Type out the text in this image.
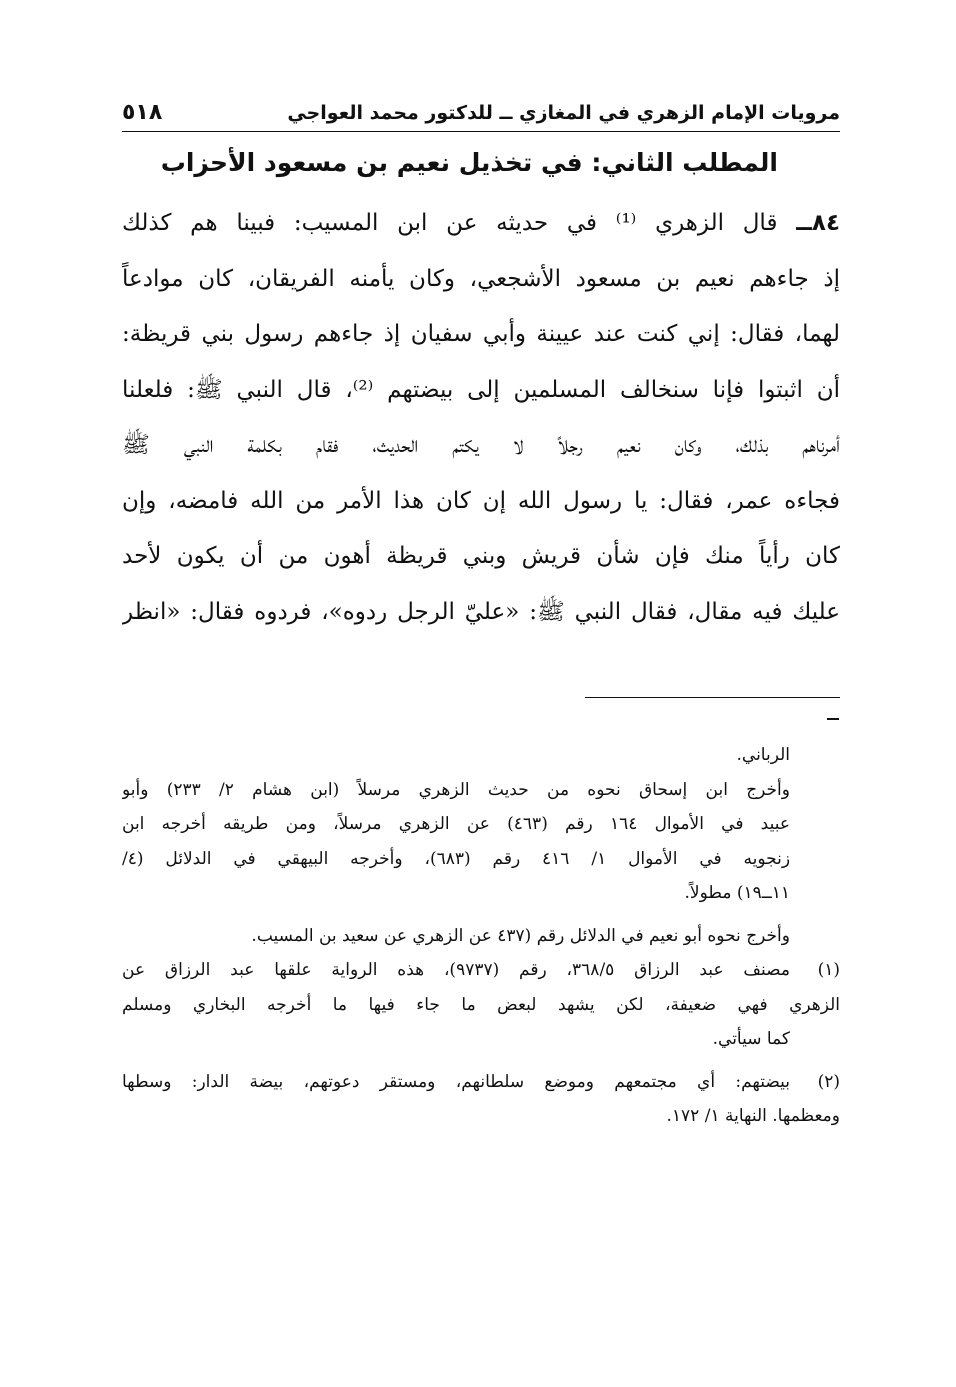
مرويات الإمام الزهري في المغازي ــ للدكتور محمد العواجي
٥١٨
المطلب الثاني: في تخذيل نعيم بن مسعود الأحزاب
٨٤ــ قال الزهري ⁽¹⁾ في حديثه عن ابن المسيب: فبينا هم كذلك
إذ جاءهم نعيم بن مسعود الأشجعي، وكان يأمنه الفريقان، كان موادعاً
لهما، فقال: إني كنت عند عيينة وأبي سفيان إذ جاءهم رسول بني قريظة:
أن اثبتوا فإنا سنخالف المسلمين إلى بيضتهم ⁽²⁾، قال النبي ﷺ: فلعلنا
أمرناهم بذلك، وكان نعيم رجلاً لا يكتم الحديث، فقام بكلمة النبي ﷺ
فجاءه عمر، فقال: يا رسول الله إن كان هذا الأمر من الله فامضه، وإن
كان رأياً منك فإن شأن قريش وبني قريظة أهون من أن يكون لأحد
عليك فيه مقال، فقال النبي ﷺ: «عليّ الرجل ردوه»، فردوه فقال: «انظر
الرباني.
وأخرج ابن إسحاق نحوه من حديث الزهري مرسلاً (ابن هشام ٢/ ٢٣٣) وأبو
عبيد في الأموال ١٦٤ رقم (٤٦٣) عن الزهري مرسلاً، ومن طريقه أخرجه ابن
زنجويه في الأموال ١/ ٤١٦ رقم (٦٨٣)، وأخرجه البيهقي في الدلائل (٤/
١١ــ١٩) مطولاً.
وأخرج نحوه أبو نعيم في الدلائل رقم (٤٣٧ عن الزهري عن سعيد بن المسيب.
(١)
مصنف عبد الرزاق ٣٦٨/٥، رقم (٩٧٣٧)، هذه الرواية علقها عبد الرزاق عن
الزهري فهي ضعيفة، لكن يشهد لبعض ما جاء فيها ما أخرجه البخاري ومسلم
كما سيأتي.
(٢)
بيضتهم: أي مجتمعهم وموضع سلطانهم، ومستقر دعوتهم، بيضة الدار: وسطها
ومعظمها. النهاية ١/ ١٧٢.
